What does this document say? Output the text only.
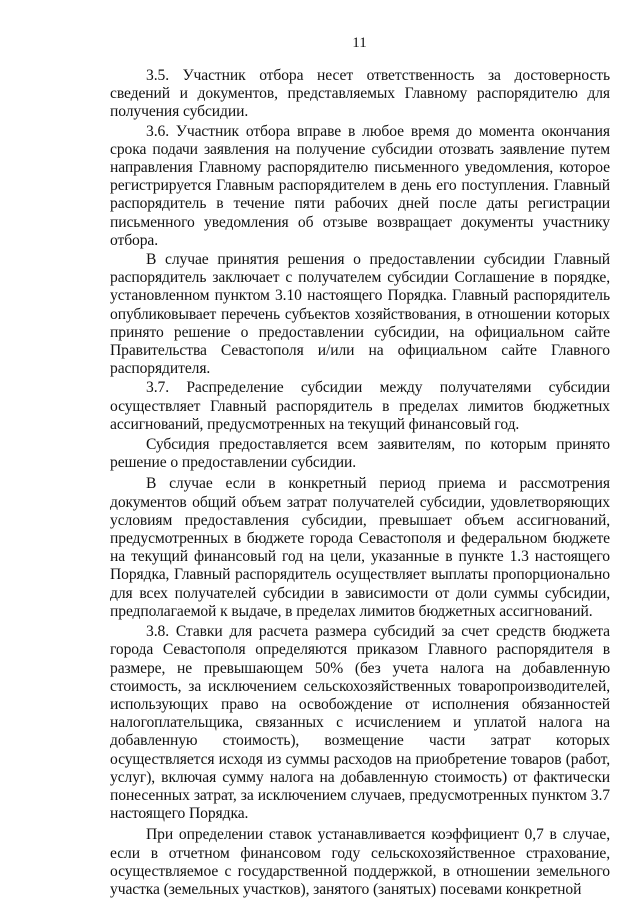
11

3.5. Участник отбора несет ответственность за достоверность сведений и документов, представляемых Главному распорядителю для получения субсидии.

3.6. Участник отбора вправе в любое время до момента окончания срока подачи заявления на получение субсидии отозвать заявление путем направления Главному распорядителю письменного уведомления, которое регистрируется Главным распорядителем в день его поступления. Главный распорядитель в течение пяти рабочих дней после даты регистрации письменного уведомления об отзыве возвращает документы участнику отбора.

В случае принятия решения о предоставлении субсидии Главный распорядитель заключает с получателем субсидии Соглашение в порядке, установленном пунктом 3.10 настоящего Порядка. Главный распорядитель опубликовывает перечень субъектов хозяйствования, в отношении которых принято решение о предоставлении субсидии, на официальном сайте Правительства Севастополя и/или на официальном сайте Главного распорядителя.

3.7. Распределение субсидии между получателями субсидии осуществляет Главный распорядитель в пределах лимитов бюджетных ассигнований, предусмотренных на текущий финансовый год.

Субсидия предоставляется всем заявителям, по которым принято решение о предоставлении субсидии.

В случае если в конкретный период приема и рассмотрения документов общий объем затрат получателей субсидии, удовлетворяющих условиям предоставления субсидии, превышает объем ассигнований, предусмотренных в бюджете города Севастополя и федеральном бюджете на текущий финансовый год на цели, указанные в пункте 1.3 настоящего Порядка, Главный распорядитель осуществляет выплаты пропорционально для всех получателей субсидии в зависимости от доли суммы субсидии, предполагаемой к выдаче, в пределах лимитов бюджетных ассигнований.

3.8. Ставки для расчета размера субсидий за счет средств бюджета города Севастополя определяются приказом Главного распорядителя в размере, не превышающем 50% (без учета налога на добавленную стоимость, за исключением сельскохозяйственных товаропроизводителей, использующих право на освобождение от исполнения обязанностей налогоплательщика, связанных с исчислением и уплатой налога на добавленную стоимость), возмещение части затрат которых осуществляется исходя из суммы расходов на приобретение товаров (работ, услуг), включая сумму налога на добавленную стоимость) от фактически понесенных затрат, за исключением случаев, предусмотренных пунктом 3.7 настоящего Порядка.

При определении ставок устанавливается коэффициент 0,7 в случае, если в отчетном финансовом году сельскохозяйственное страхование, осуществляемое с государственной поддержкой, в отношении земельного участка (земельных участков), занятого (занятых) посевами конкретной
